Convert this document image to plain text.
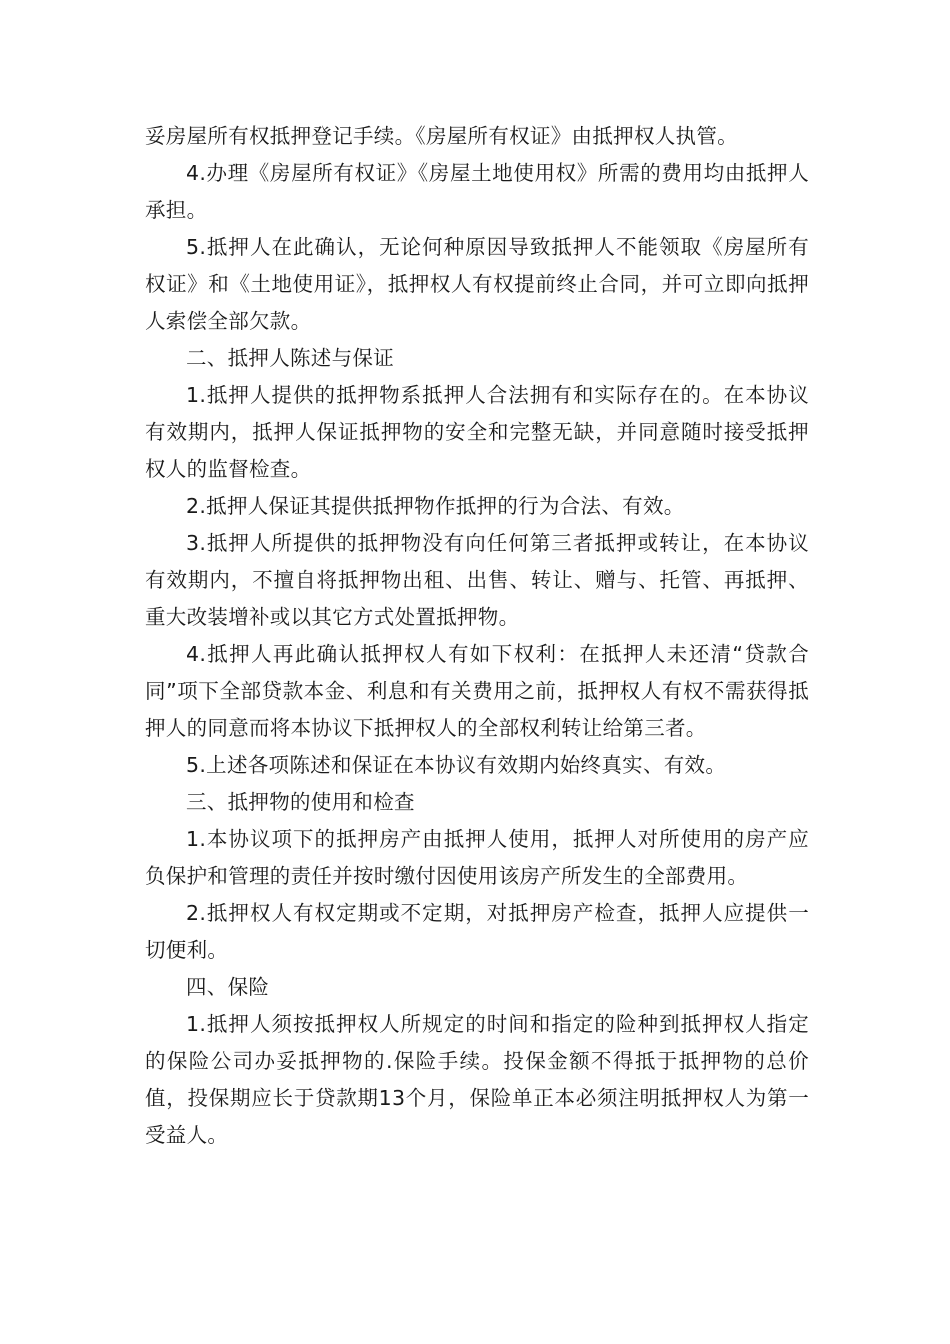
妥房屋所有权抵押登记手续。《房屋所有权证》由抵押权人执管。

4.办理《房屋所有权证》《房屋土地使用权》所需的费用均由抵押人承担。

5.抵押人在此确认，无论何种原因导致抵押人不能领取《房屋所有权证》和《土地使用证》，抵押权人有权提前终止合同，并可立即向抵押人索偿全部欠款。

二、抵押人陈述与保证

1.抵押人提供的抵押物系抵押人合法拥有和实际存在的。在本协议有效期内，抵押人保证抵押物的安全和完整无缺，并同意随时接受抵押权人的监督检查。

2.抵押人保证其提供抵押物作抵押的行为合法、有效。

3.抵押人所提供的抵押物没有向任何第三者抵押或转让，在本协议有效期内，不擅自将抵押物出租、出售、转让、赠与、托管、再抵押、重大改装增补或以其它方式处置抵押物。

4.抵押人再此确认抵押权人有如下权利：在抵押人未还清“贷款合同”项下全部贷款本金、利息和有关费用之前，抵押权人有权不需获得抵押人的同意而将本协议下抵押权人的全部权利转让给第三者。

5.上述各项陈述和保证在本协议有效期内始终真实、有效。

三、抵押物的使用和检查

1.本协议项下的抵押房产由抵押人使用，抵押人对所使用的房产应负保护和管理的责任并按时缴付因使用该房产所发生的全部费用。

2.抵押权人有权定期或不定期，对抵押房产检查，抵押人应提供一切便利。

四、保险

1.抵押人须按抵押权人所规定的时间和指定的险种到抵押权人指定的保险公司办妥抵押物的.保险手续。投保金额不得抵于抵押物的总价值，投保期应长于贷款期13个月，保险单正本必须注明抵押权人为第一受益人。
